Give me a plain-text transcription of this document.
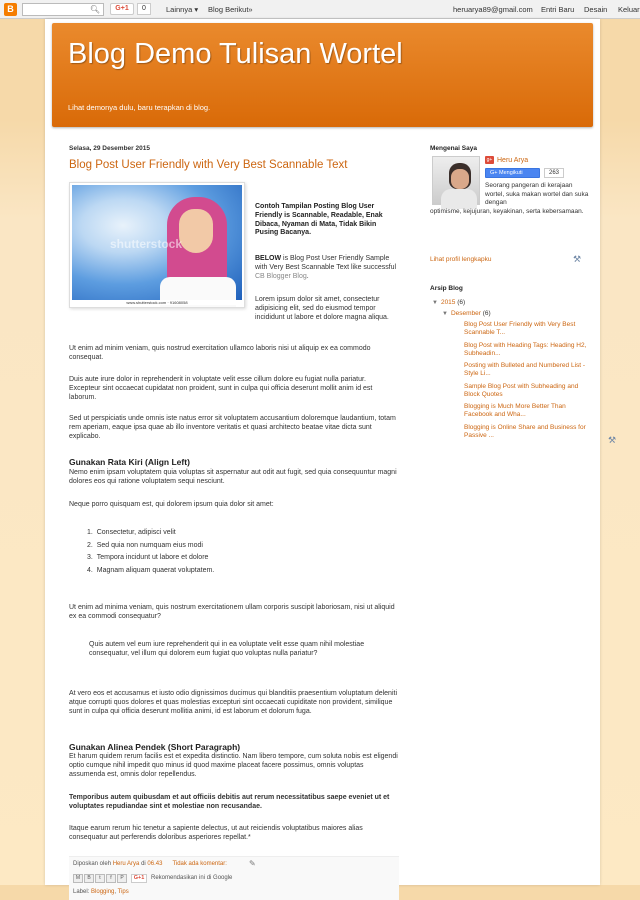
B	🔍︎	G+1	0	Lainnya ▾ Blog Berikut»	heruarya89@gmail.com Entri Baru Desain Keluar
Blog Demo Tulisan Wortel
Lihat demonya dulu, baru terapkan di blog.
Selasa, 29 Desember 2015
Blog Post User Friendly with Very Best Scannable Text
shutterstock
www.shutterstock.com · 91608058
Contoh Tampilan Posting Blog User Friendly is Scannable, Readable, Enak Dibaca, Nyaman di Mata, Tidak Bikin Pusing Bacanya.
BELOW is Blog Post User Friendly Sample with Very Best Scannable Text like successful CB Blogger Blog.
Lorem ipsum dolor sit amet, consectetur adipisicing elit, sed do eiusmod tempor incididunt ut labore et dolore magna aliqua.
Ut enim ad minim veniam, quis nostrud exercitation ullamco laboris nisi ut aliquip ex ea commodo consequat.
Duis aute irure dolor in reprehenderit in voluptate velit esse cillum dolore eu fugiat nulla pariatur. Excepteur sint occaecat cupidatat non proident, sunt in culpa qui officia deserunt mollit anim id est laborum.
Sed ut perspiciatis unde omnis iste natus error sit voluptatem accusantium doloremque laudantium, totam rem aperiam, eaque ipsa quae ab illo inventore veritatis et quasi architecto beatae vitae dicta sunt explicabo.
Gunakan Rata Kiri (Align Left)
Nemo enim ipsam voluptatem quia voluptas sit aspernatur aut odit aut fugit, sed quia consequuntur magni dolores eos qui ratione voluptatem sequi nesciunt.
Neque porro quisquam est, qui dolorem ipsum quia dolor sit amet:
1.  Consectetur, adipisci velit
2.  Sed quia non numquam eius modi
3.  Tempora incidunt ut labore et dolore
4.  Magnam aliquam quaerat voluptatem.
Ut enim ad minima veniam, quis nostrum exercitationem ullam corporis suscipit laboriosam, nisi ut aliquid ex ea commodi consequatur?
Quis autem vel eum iure reprehenderit qui in ea voluptate velit esse quam nihil molestiae consequatur, vel illum qui dolorem eum fugiat quo voluptas nulla pariatur?
At vero eos et accusamus et iusto odio dignissimos ducimus qui blanditiis praesentium voluptatum deleniti atque corrupti quos dolores et quas molestias excepturi sint occaecati cupiditate non provident, similique sunt in culpa qui officia deserunt mollitia animi, id est laborum et dolorum fuga.
Gunakan Alinea Pendek (Short Paragraph)
Et harum quidem rerum facilis est et expedita distinctio. Nam libero tempore, cum soluta nobis est eligendi optio cumque nihil impedit quo minus id quod maxime placeat facere possimus, omnis voluptas assumenda est, omnis dolor repellendus.
Temporibus autem quibusdam et aut officiis debitis aut rerum necessitatibus saepe eveniet ut et voluptates repudiandae sint et molestiae non recusandae.
Itaque earum rerum hic tenetur a sapiente delectus, ut aut reiciendis voluptatibus maiores alias consequatur aut perferendis doloribus asperiores repellat.*
Diposkan oleh Heru Arya di 06.43 Tidak ada komentar:	✎
M	B	t	f	P	G+1	Rekomendasikan ini di Google
Label: Blogging, Tips
Mengenai Saya
g+ Heru Arya
G+ Mengikuti	263
Seorang pangeran di kerajaan wortel, suka makan wortel dan suka dengan
optimisme, kejujuran, keyakinan, serta kebersamaan.
Lihat profil lengkapku	⚒
Arsip Blog
▼ 2015 (6)
▼ Desember (6)
Blog Post User Friendly with Very Best Scannable T...
Blog Post with Heading Tags: Heading H2, Subheadin...
Posting with Bulleted and Numbered List - Style Li...
Sample Blog Post with Subheading and Block Quotes
Blogging is Much More Better Than Facebook and Wha...
Blogging is Online Share and Business for Passive ...	⚒
